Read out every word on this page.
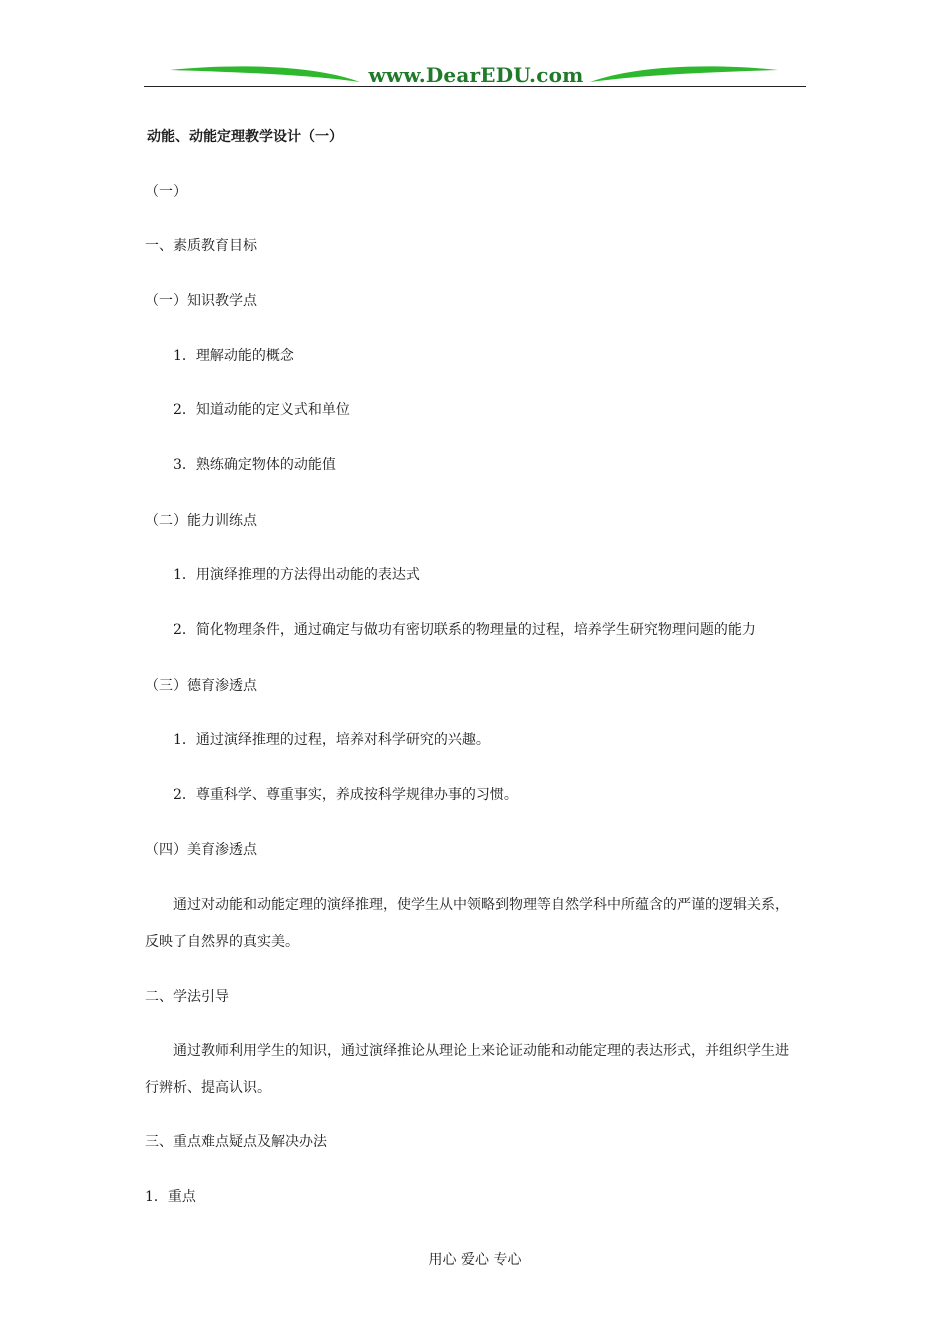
www.DearEDU.com
动能、动能定理教学设计（一）
（一）
一、素质教育目标
（一）知识教学点
1．理解动能的概念
2．知道动能的定义式和单位
3．熟练确定物体的动能值
（二）能力训练点
1．用演绎推理的方法得出动能的表达式
2．简化物理条件，通过确定与做功有密切联系的物理量的过程，培养学生研究物理问题的能力
（三）德育渗透点
1．通过演绎推理的过程，培养对科学研究的兴趣。
2．尊重科学、尊重事实，养成按科学规律办事的习惯。
（四）美育渗透点
通过对动能和动能定理的演绎推理，使学生从中领略到物理等自然学科中所蕴含的严谨的逻辑关系，
反映了自然界的真实美。
二、学法引导
通过教师利用学生的知识，通过演绎推论从理论上来论证动能和动能定理的表达形式，并组织学生进
行辨析、提高认识。
三、重点难点疑点及解决办法
1．重点
用心 爱心 专心
